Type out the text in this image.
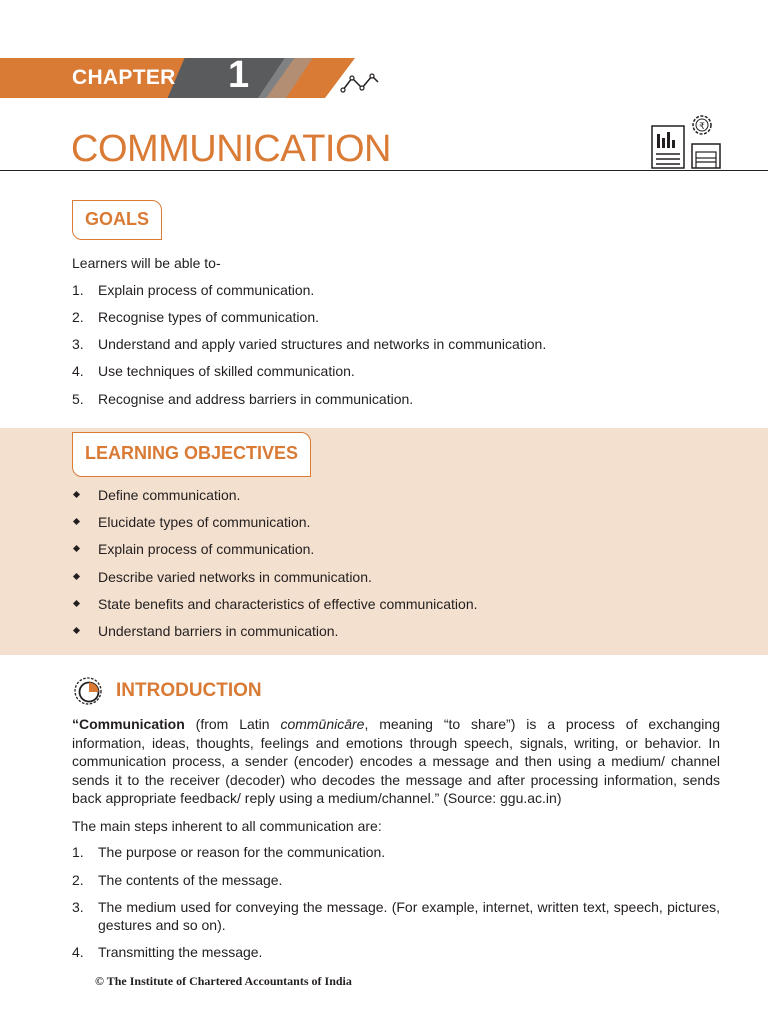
CHAPTER 1
COMMUNICATION
₹
GOALS
Learners will be able to-
1. Explain process of communication.
2. Recognise types of communication.
3. Understand and apply varied structures and networks in communication.
4. Use techniques of skilled communication.
5. Recognise and address barriers in communication.
LEARNING OBJECTIVES
Define communication.
Elucidate types of communication.
Explain process of communication.
Describe varied networks in communication.
State benefits and characteristics of effective communication.
Understand barriers in communication.
INTRODUCTION
“Communication (from Latin commūnicāre, meaning “to share”) is a process of exchanging information, ideas, thoughts, feelings and emotions through speech, signals, writing, or behavior. In communication process, a sender (encoder) encodes a message and then using a medium/ channel sends it to the receiver (decoder) who decodes the message and after processing information, sends back appropriate feedback/ reply using a medium/channel.” (Source: ggu.ac.in)
The main steps inherent to all communication are:
1. The purpose or reason for the communication.
2. The contents of the message.
3. The medium used for conveying the message. (For example, internet, written text, speech, pictures, gestures and so on).
4. Transmitting the message.
© The Institute of Chartered Accountants of India
